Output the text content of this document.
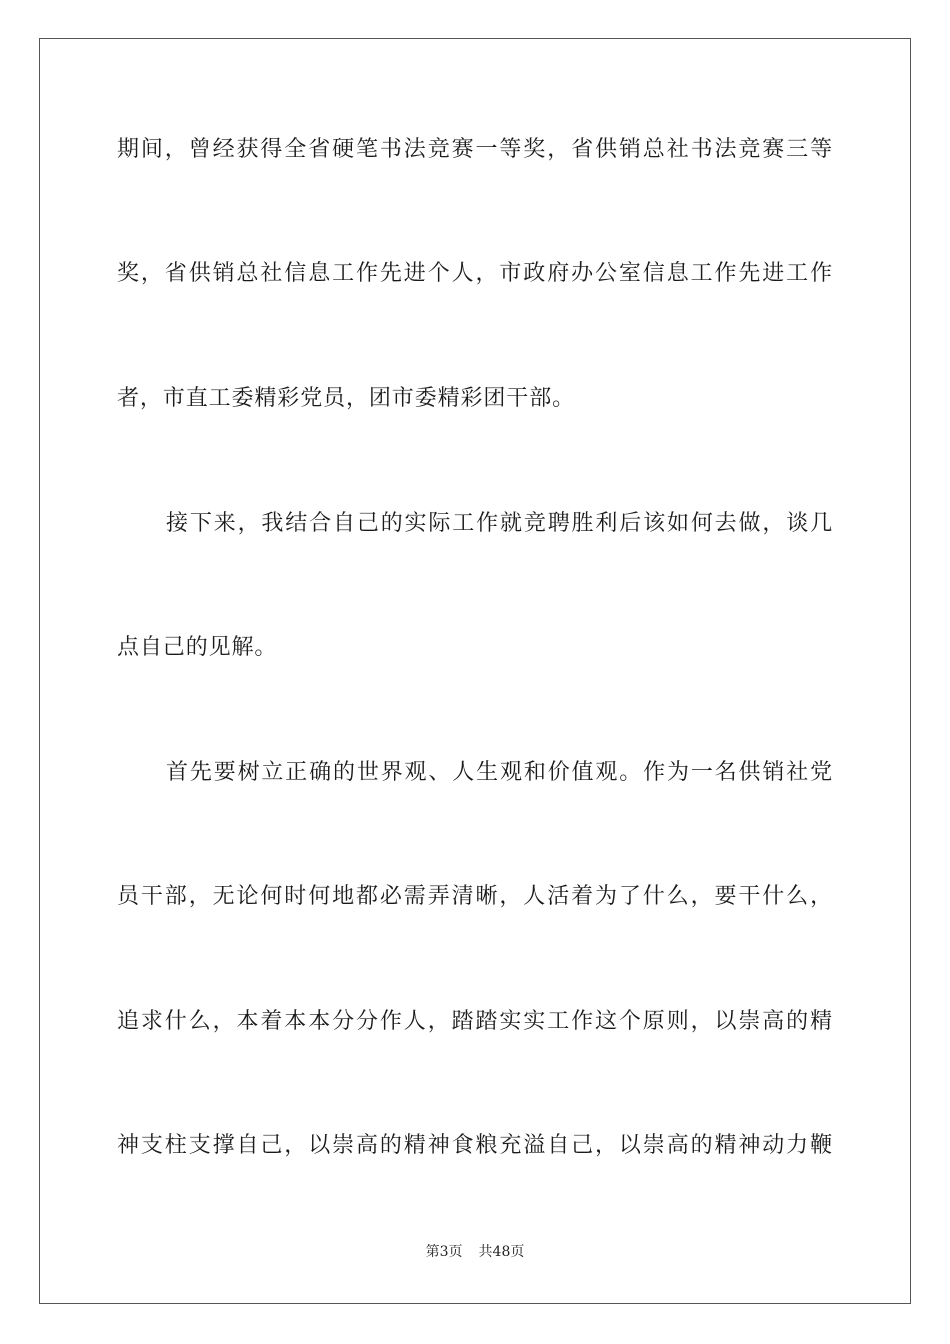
期间，曾经获得全省硬笔书法竞赛一等奖，省供销总社书法竞赛三等
奖，省供销总社信息工作先进个人，市政府办公室信息工作先进工作
者，市直工委精彩党员，团市委精彩团干部。
接下来，我结合自己的实际工作就竞聘胜利后该如何去做，谈几
点自己的见解。
首先要树立正确的世界观、人生观和价值观。作为一名供销社党
员干部，无论何时何地都必需弄清晰，人活着为了什么，要干什么，
追求什么，本着本本分分作人，踏踏实实工作这个原则，以崇高的精
神支柱支撑自己，以崇高的精神食粮充溢自己，以崇高的精神动力鞭
第3页 共48页
